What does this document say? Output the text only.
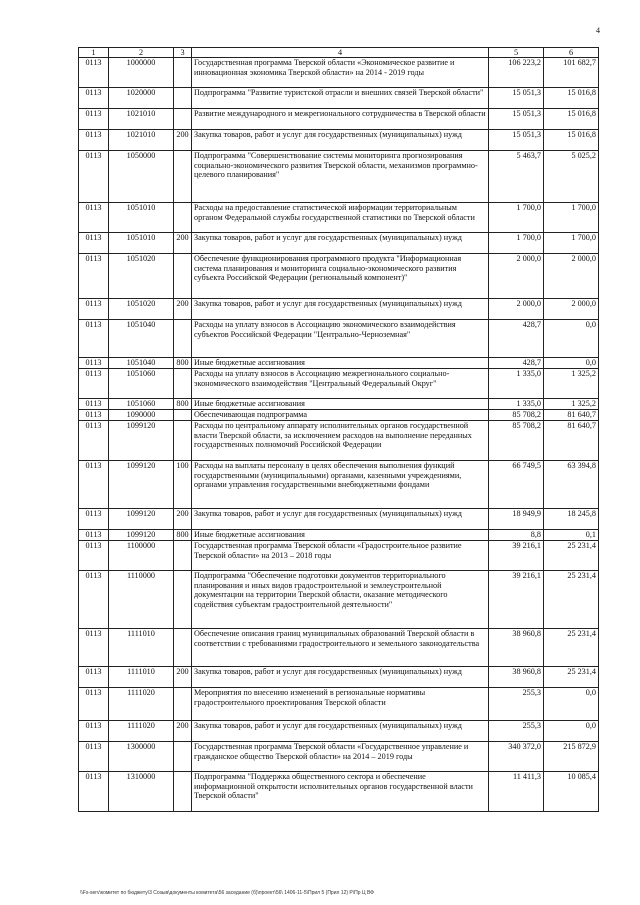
4
1	2	3	4	5	6
0113	1000000		Государственная программа Тверской области «Экономическое развитие и инновационная экономика Тверской области» на 2014 - 2019 годы	106 223,2	101 682,7
0113	1020000		Подпрограмма "Развитие туристской отрасли и внешних связей Тверской области"	15 051,3	15 016,8
0113	1021010		Развитие международного и межрегионального сотрудничества в Тверской области	15 051,3	15 016,8
0113	1021010	200	Закупка товаров, работ и услуг для государственных (муниципальных) нужд	15 051,3	15 016,8
0113	1050000		Подпрограмма "Совершенствование системы мониторинга прогнозирования социально-экономического развития Тверской области, механизмов программно- целевого планирования"	5 463,7	5 025,2
0113	1051010		Расходы на предоставление статистической информации территориальным органом Федеральной службы государственной статистики по Тверской области	1 700,0	1 700,0
0113	1051010	200	Закупка товаров, работ и услуг для государственных (муниципальных) нужд	1 700,0	1 700,0
0113	1051020		Обеспечение функционирования программного продукта "Информационная система планирования и мониторинга социально-экономического развития субъекта Российской Федерации (региональный компонент)"	2 000,0	2 000,0
0113	1051020	200	Закупка товаров, работ и услуг для государственных (муниципальных) нужд	2 000,0	2 000,0
0113	1051040		Расходы на уплату взносов в Ассоциацию экономического взаимодействия субъектов Российской Федерации "Центрально-Черноземная"	428,7	0,0
0113	1051040	800	Иные бюджетные ассигнования	428,7	0,0
0113	1051060		Расходы на уплату взносов в Ассоциацию межрегионального социально-экономического взаимодействия "Центральный Федеральный Округ"	1 335,0	1 325,2
0113	1051060	800	Иные бюджетные ассигнования	1 335,0	1 325,2
0113	1090000		Обеспечивающая подпрограмма	85 708,2	81 640,7
0113	1099120		Расходы по центральному аппарату исполнительных органов государственной власти Тверской области, за исключением расходов на выполнение переданных государственных полномочий Российской Федерации	85 708,2	81 640,7
0113	1099120	100	Расходы на выплаты персоналу в целях обеспечения выполнения функций государственными (муниципальными) органами, казенными учреждениями, органами управления государственными внебюджетными фондами	66 749,5	63 394,8
0113	1099120	200	Закупка товаров, работ и услуг для государственных (муниципальных) нужд	18 949,9	18 245,8
0113	1099120	800	Иные бюджетные ассигнования	8,8	0,1
0113	1100000		Государственная программа Тверской области «Градостроительное развитие Тверской области» на 2013 – 2018 годы	39 216,1	25 231,4
0113	1110000		Подпрограмма "Обеспечение подготовки документов территориального планирования и иных видов градостроительной и землеустроительной документации на территории Тверской области, оказание методического содействия субъектам градостроительной деятельности"	39 216,1	25 231,4
0113	1111010		Обеспечение описания границ муниципальных образований Тверской области в соответствии с требованиями градостроительного и земельного законодательства	38 960,8	25 231,4
0113	1111010	200	Закупка товаров, работ и услуг для государственных (муниципальных) нужд	38 960,8	25 231,4
0113	1111020		Мероприятия по внесению изменений в региональные нормативы градостроительного проектирования Тверской области	255,3	0,0
0113	1111020	200	Закупка товаров, работ и услуг для государственных (муниципальных) нужд	255,3	0,0
0113	1300000		Государственная программа Тверской области «Государственное управление и гражданское общество Тверской области» на 2014 – 2019 годы	340 372,0	215 872,9
0113	1310000		Подпрограмма "Поддержка общественного сектора и обеспечение информационной открытости исполнительных органов государственной власти Тверской области"	11 411,3	10 085,4
\\Fs-serv\комитет по бюджету\3 Созыв\документы комитета\56 заседание (б)\проект\56\ 1406-11-5\Прил 5 (Прил 12) Р\Пр Ц ВФ
